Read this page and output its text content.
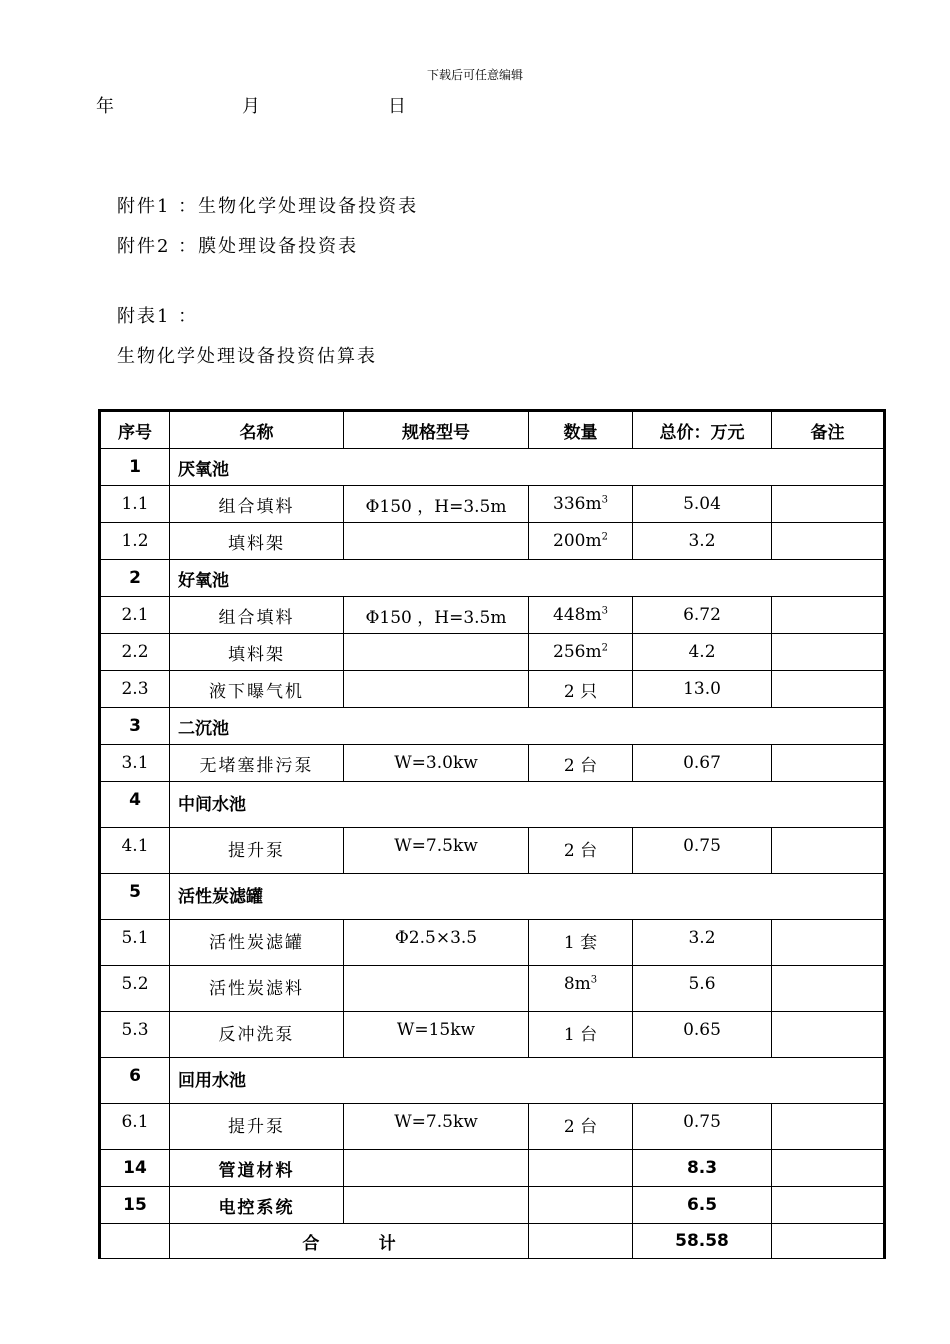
下载后可任意编辑
年	月	日
附件1 ：生物化学处理设备投资表
附件2 ：膜处理设备投资表
附表1 ：
生物化学处理设备投资估算表
序号	名称	规格型号	数量	总价：万元	备注
1	厌氧池				
1.1	组合填料	Φ150 ，H=3.5m	$336m^3$	5.04	
1.2	填料架		$200m^2$	3.2	
2	好氧池				
2.1	组合填料	Φ150 ，H=3.5m	$448m^3$	6.72	
2.2	填料架		$256m^2$	4.2	
2.3	液下曝气机		2 只	13.0	
3	二沉池				
3.1	无堵塞排污泵	W=3.0kw	2 台	0.67	
4	中间水池				
4.1	提升泵	W=7.5kw	2 台	0.75	
5	活性炭滤罐				
5.1	活性炭滤罐	Φ2.5×3.5	1 套	3.2	
5.2	活性炭滤料		$8m^3$	5.6	
5.3	反冲洗泵	W=15kw	1 台	0.65	
6	回用水池				
6.1	提升泵	W=7.5kw	2 台	0.75	
14	管道材料			8.3	
15	电控系统			6.5	
	合          计			58.58	
